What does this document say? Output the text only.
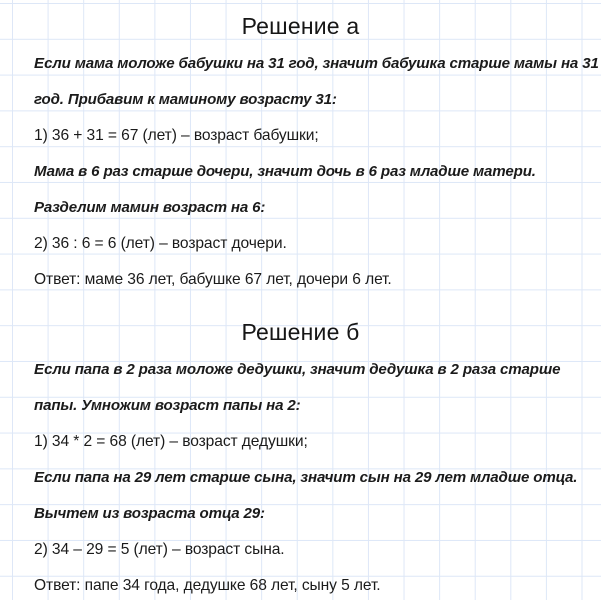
Решение а
Если мама моложе бабушки на 31 год, значит бабушка старше мамы на 31
год. Прибавим к маминому возрасту 31:
1) 36 + 31 = 67 (лет) – возраст бабушки;
Мама в 6 раз старше дочери, значит дочь в 6 раз младше матери.
Разделим мамин возраст на 6:
2) 36 : 6 = 6 (лет) – возраст дочери.
Ответ: маме 36 лет, бабушке 67 лет, дочери 6 лет.
Решение б
Если папа в 2 раза моложе дедушки, значит дедушка в 2 раза старше
папы. Умножим возраст папы на 2:
1) 34 * 2 = 68 (лет) – возраст дедушки;
Если папа на 29 лет старше сына, значит сын на 29 лет младше отца.
Вычтем из возраста отца 29:
2) 34 – 29 = 5 (лет) – возраст сына.
Ответ: папе 34 года, дедушке 68 лет, сыну 5 лет.
